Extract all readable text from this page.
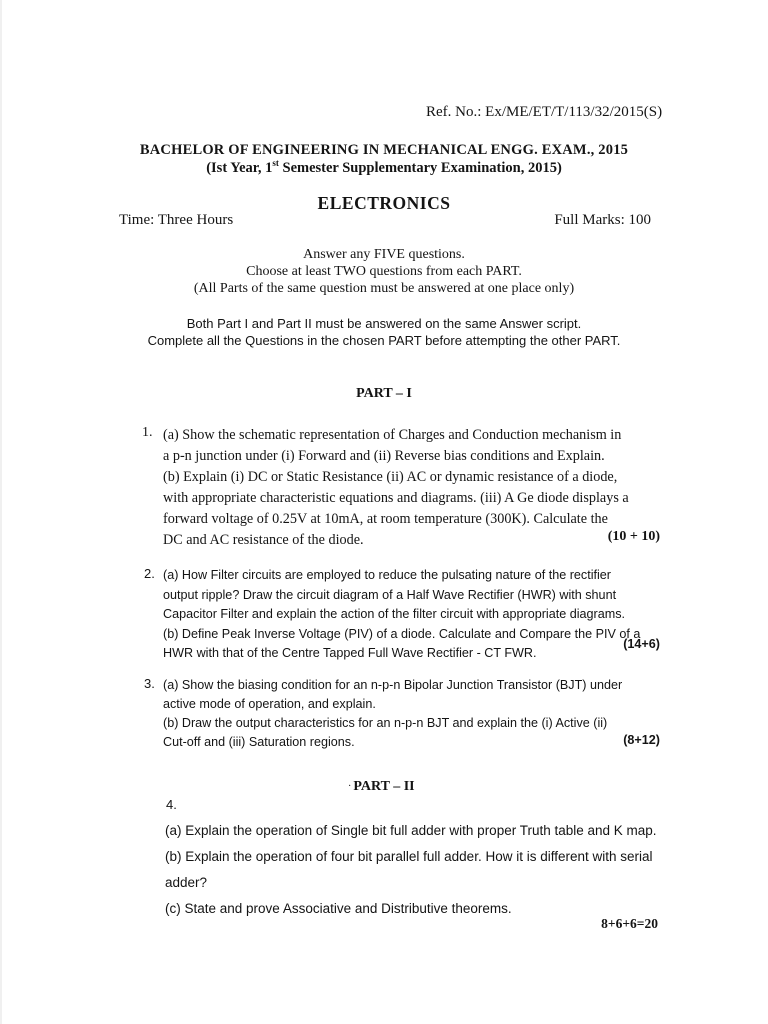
Ref. No.: Ex/ME/ET/T/113/32/2015(S)
BACHELOR OF ENGINEERING IN MECHANICAL ENGG. EXAM., 2015
(Ist Year, 1st Semester Supplementary Examination, 2015)
ELECTRONICS
Time: Three Hours	Full Marks: 100
Answer any FIVE questions.
Choose at least TWO questions from each PART.
(All Parts of the same question must be answered at one place only)
Both Part I and Part II must be answered on the same Answer script.
Complete all the Questions in the chosen PART before attempting the other PART.
PART – I
1. (a) Show the schematic representation of Charges and Conduction mechanism in
a p-n junction under (i) Forward and (ii) Reverse bias conditions and Explain.
(b) Explain (i) DC or Static Resistance (ii) AC or dynamic resistance of a diode,
with appropriate characteristic equations and diagrams. (iii) A Ge diode displays a
forward voltage of 0.25V at 10mA, at room temperature (300K). Calculate the
DC and AC resistance of the diode.	(10 + 10)
2. (a) How Filter circuits are employed to reduce the pulsating nature of the rectifier
output ripple? Draw the circuit diagram of a Half Wave Rectifier (HWR) with shunt
Capacitor Filter and explain the action of the filter circuit with appropriate diagrams.
(b) Define Peak Inverse Voltage (PIV) of a diode. Calculate and Compare the PIV of a
HWR with that of the Centre Tapped Full Wave Rectifier - CT FWR.
(14+6)
3. (a) Show the biasing condition for an n-p-n Bipolar Junction Transistor (BJT) under
active mode of operation, and explain.
(b) Draw the output characteristics for an n-p-n BJT and explain the (i) Active (ii)
Cut-off and (iii) Saturation regions.	(8+12)
· PART – II
4.
(a) Explain the operation of Single bit full adder with proper Truth table and K map.
(b) Explain the operation of four bit parallel full adder. How it is different with serial
adder?
(c) State and prove Associative and Distributive theorems.
8+6+6=20
